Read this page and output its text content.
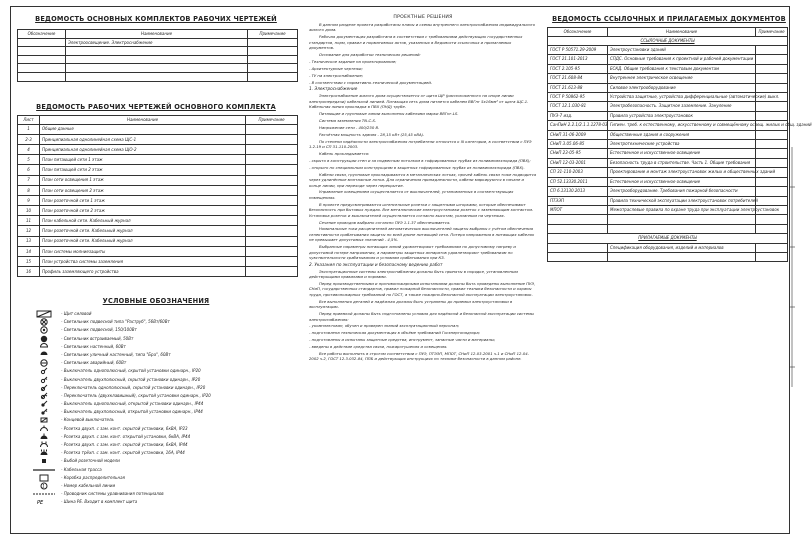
ВЕДОМОСТЬ ОСНОВНЫХ КОМПЛЕКТОВ РАБОЧИХ ЧЕРТЕЖЕЙ
Обозначение	Наименование	Примечание
	Электроосвещение. Электроснабжение	

ВЕДОМОСТЬ РАБОЧИХ ЧЕРТЕЖЕЙ ОСНОВНОГО КОМПЛЕКТА
Лист	Наименование	Примечание
1	Общие данные	
2-3	Принципиальная однолинейная схема ЩС-1	
4	Принципиальная однолинейная схема ЩО-2	
5	План питающей сети 1 этаж	
6	План питающей сети 2 этаж	
7	План сети освещения 1 этаж	
8	План сети освещения 2 этаж	
9	План розеточной сети 1 этаж	
10	План розеточной сети 2 этаж	
11	План кабельной сети. Кабельный журнал	
12	План розеточной сети. Кабельный журнал	
13	План розеточной сети. Кабельный журнал	
14	План системы молниезащиты	
15	План устройства системы заземления	
16	Профиль заземляющего устройства	
УСЛОВНЫЕ ОБОЗНАЧЕНИЯ
- Щит силовой
- Светильник подвесной типа "Раструб", 56Вт/60Вт
- Светильник подвесной, 150/100Вт
- Светильник встраиваемый, 50Вт
- Светильник настенный, 60Вт
- Светильник уличный настенный, типа "Бра", 60Вт
- Светильник аварийный, 60Вт
- Выключатель однополюсный, скрытой установки одинарн., IP20
- Выключатель двухполюсный, скрытой установки одинарн., IP20
- Переключатель однополюсный, скрытой установки одинарн., IP20
- Переключатель (двухклавишный), скрытой установки одинарн., IP20
- Выключатель однополюсный, открытой установки одинарн., IP44
- Выключатель двухполюсный, открытой установки одинарн., IP44
- Концевой выключатель
- Розетка двухп. с зам. конт. скрытой установки, 6кВА, IP23
- Розетка двухп. с зам. конт. открытой установки, 6кВА, IP44
- Розетка двухп. с зам. конт. скрытой установки, 6кВА, IP44
- Розетка трёхп. с зам. конт. скрытой установки, 16А, IP44
- Выбой розеточной модели
- Кабельная трасса
- Коробка распределительная
1	- Номер кабельной линии
- Проводник системы уравнивания потенциалов
PE	- Шина PE. Входит в комплект щита

ПРОЕКТНЫЕ РЕШЕНИЯ

В данном разделе проекта разработаны планы и схемы внутреннего электроснабжения индивидуального жилого дома.

Рабочая документация разработана в соответствии с требованиями действующих государственных стандартов, норм, правил и нормативных актов, указанных в Ведомости ссылочных и прилагаемых документов.

Основание для разработки технических решений:

- Техническое задание на проектирование;

- Архитектурные чертежи;

- ТУ на электроснабжение;

- В соответствии с нормативно-технической документацией.

1. Электроснабжение

Электроснабжение жилого дома осуществляется от щита ЩР (расположенного на опоре линии электропередачи) кабельной линией. Питающая сеть дома питается кабелем ВВГнг 5х16мм² от щита ЩС-1. Кабельная линия прокладка в ПВХ (ПНД) трубе.

Питающие и групповые линии выполнены кабелями марки ВВГнг-LS.

Система заземления TN-C-S.

Напряжение сети - 400/230 В.

Расчётная мощность здания - 28,15 кВт (25,45 кВА).

По степени надёжности электроснабжения потребители относятся к III категории, в соответствии с ПУЭ 1.2.19 и СП 31-110-2003.

Кабель прокладывается:

- скрыто в конструкции стен и за подвесным потолком в гофрированных трубах из поливинилхлорида (ПВХ);

- открыто по специальным конструкциям в защитных гофрированных трубах из поливинилхлорида (ПВХ).

Кабели связи, групповые прокладываются в металлических лотках, прочей кабель связи тоже подводится через удлинённые монтажные лотки. Для ограничения принадлежности, кабели маркируются в начале и конце линии, при переходе через перекрытие.

Управление освещением осуществляется от выключателей, установленных в соответствующих помещениях.

В проекте предусматриваются штепсельные розетки с защитными шторками, которые обеспечивают безопасность при бытовых нуждах. Все металлические электроустановки розеток с заземляющим контактом. Установка розеток и выключателей осуществляется согласно высотам, указанным на чертежах.

Сечение проводов выбрано согласно ПУЭ 1.1.37 обеспечивается.

Номинальные токи расцепителей автоматических выключателей защиты выбраны с учётом обеспечения селективности срабатывания защиты по всей длине питающей сети. Потеря напряжения в питающих кабелях не превышает допустимых значений - 4,5%.

Выбранные параметры питающих линий удовлетворяют требованиям по допустимому нагреву и допустимой потере напряжения, а параметры защитных аппаратов удовлетворяют требованиям по чувствительности срабатывания и условиям срабатывания при КЗ.

2. Указания по эксплуатации и безопасному ведению работ

Эксплуатационные системы электроснабжения должны быть приняты в порядке, установленным действующими правилами и нормами.

Перед производственными и противопожарными испытаниями должны быть проведены выполнение ПУЭ, СНиП, государственных стандартов, правил пожарной безопасности, правил техники безопасности и охраны труда, противопожарных требований по ГОСТ, а также пожарно-безопасной эксплуатации электроустановок.

Все выполнения деталей и надёжная должны быть устранены до приемки электроустановки в эксплуатацию.

Перед приемкой должны быть подготовлены условия для надёжной и безопасной эксплуатации системы электроснабжения:

- укомплектован, обучен и проверен знаний эксплуатационный персонал;

- подготовлена техническая документация в объёме требований Госэнергонадзора;

- подготовлены и испытаны защитные средства, инструмент, запасные части и материалы;

- введены в действие средства связи, пожаротушения и освещения.

Все работы выполнить в строгом соответствии с ПУЭ, ПТЭЭП, МПОТ, СНиП 12-03-2001 ч.1 и СНиП 12-04-2002 ч.2, ГОСТ 12.3.032-84, ППБ и действующих инструкциях по технике безопасности в данном районе.

ВЕДОМОСТЬ ССЫЛОЧНЫХ И ПРИЛАГАЕМЫХ ДОКУМЕНТОВ
Обозначение	Наименование	Примечание
ССЫЛОЧНЫЕ ДОКУМЕНТЫ		
ГОСТ Р 50571.29-2009	Электроустановки зданий	
ГОСТ 21.101-2013	СПДС. Основные требования к проектной и рабочей документации	
ГОСТ 2.105-95	ЕСКД. Общие требования к текстовым документам	
ГОСТ 21.608-84	Внутреннее электрическое освещение	
ГОСТ 21.613-88	Силовое электрооборудование	
ГОСТ Р 50862-95	Устройства защитные, устройства дифференциальные (автоматические) выкл.	
ГОСТ 12.1.030-81	Электробезопасность. Защитное заземление. Зануление	
ПУЭ-7 изд.	Правила устройства электроустановок	
СанПиН 2.2.1/2.1.1.1278-03	Гигиен. треб. к естественному, искусственному и совмещённому освещ. жилых и общ. зданий	
СНиП 31-06-2009	Общественные здания и сооружения	
СНиП 3.05.06-85	Электротехнические устройства	
СНиП 23-05-95	Естественное и искусственное освещение	
СНиП 12-03-2001	Безопасность труда в строительстве. Часть 1. Общие требования	
СП 31-110-2003	Проектирование и монтаж электроустановок жилых и общественных зданий	
СП 52.13330.2011	Естественное и искусственное освещение	
СП 6.13130.2013	Электрооборудование. Требования пожарной безопасности	
ПТЭЭП	Правила технической эксплуатации электроустановок потребителей	
МПОТ	Межотраслевые правила по охране труда при эксплуатации электроустановок	

ПРИЛАГАЕМЫЕ ДОКУМЕНТЫ		
	Спецификация оборудования, изделий и материалов	
